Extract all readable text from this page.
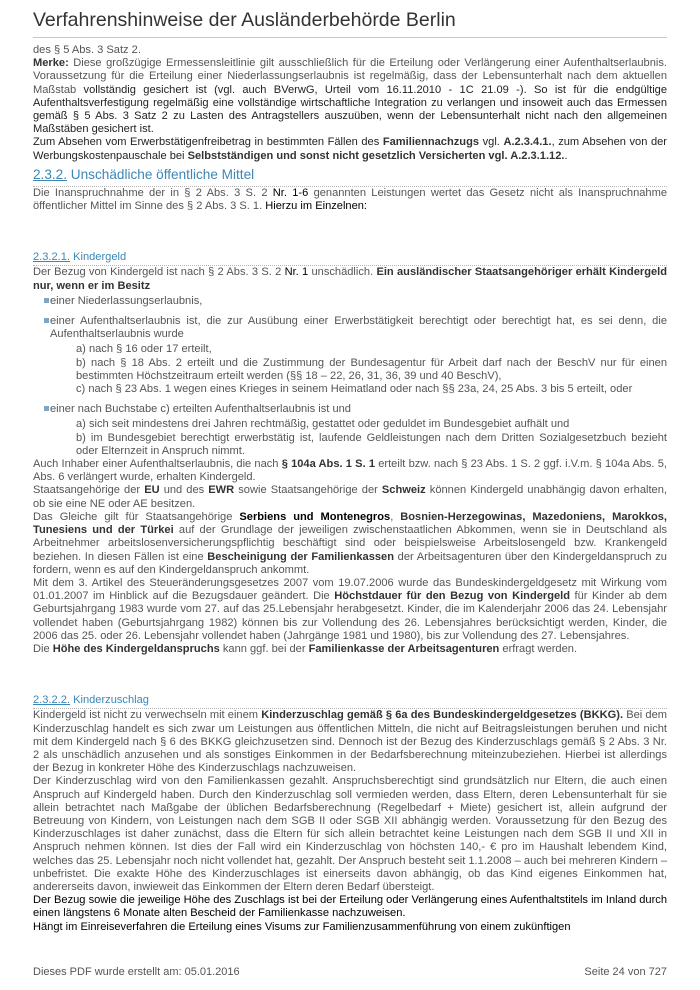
Verfahrenshinweise der Ausländerbehörde Berlin

des § 5 Abs. 3 Satz 2.

Merke: Diese großzügige Ermessensleitlinie gilt ausschließlich für die Erteilung oder Verlängerung einer Aufenthaltserlaubnis. Voraussetzung für die Erteilung einer Niederlassungserlaubnis ist regelmäßig, dass der Lebensunterhalt nach dem aktuellen Maßstab vollständig gesichert ist (vgl. auch BVerwG, Urteil vom 16.11.2010 - 1C 21.09 -). So ist für die endgültige Aufenthaltsverfestigung regelmäßig eine vollständige wirtschaftliche Integration zu verlangen und insoweit auch das Ermessen gemäß § 5 Abs. 3 Satz 2 zu Lasten des Antragstellers auszuüben, wenn der Lebensunterhalt nicht nach den allgemeinen Maßstäben gesichert ist.

Zum Absehen vom Erwerbstätigenfreibetrag in bestimmten Fällen des Familiennachzugs vgl. A.2.3.4.1., zum Absehen von der Werbungskostenpauschale bei Selbstständigen und sonst nicht gesetzlich Versicherten vgl. A.2.3.1.12..

2.3.2. Unschädliche öffentliche Mittel

Die Inanspruchnahme der in § 2 Abs. 3 S. 2 Nr. 1-6 genannten Leistungen wertet das Gesetz nicht als Inanspruchnahme öffentlicher Mittel im Sinne des § 2 Abs. 3 S. 1. Hierzu im Einzelnen:

2.3.2.1. Kindergeld

Der Bezug von Kindergeld ist nach § 2 Abs. 3 S. 2 Nr. 1 unschädlich. Ein ausländischer Staatsangehöriger erhält Kindergeld nur, wenn er im Besitz

einer Niederlassungserlaubnis,
einer Aufenthaltserlaubnis ist, die zur Ausübung einer Erwerbstätigkeit berechtigt oder berechtigt hat, es sei denn, die Aufenthaltserlaubnis wurde
a) nach § 16 oder 17 erteilt,
b) nach § 18 Abs. 2 erteilt und die Zustimmung der Bundesagentur für Arbeit darf nach der BeschV nur für einen bestimmten Höchstzeitraum erteilt werden (§§ 18 – 22, 26, 31, 36, 39 und 40 BeschV),
c) nach § 23 Abs. 1 wegen eines Krieges in seinem Heimatland oder nach §§ 23a, 24, 25 Abs. 3 bis 5 erteilt, oder
einer nach Buchstabe c) erteilten Aufenthaltserlaubnis ist und
a) sich seit mindestens drei Jahren rechtmäßig, gestattet oder geduldet im Bundesgebiet aufhält und
b) im Bundesgebiet berechtigt erwerbstätig ist, laufende Geldleistungen nach dem Dritten Sozialgesetzbuch bezieht oder Elternzeit in Anspruch nimmt.

Auch Inhaber einer Aufenthaltserlaubnis, die nach § 104a Abs. 1 S. 1 erteilt bzw. nach § 23 Abs. 1 S. 2 ggf. i.V.m. § 104a Abs. 5, Abs. 6 verlängert wurde, erhalten Kindergeld.

Staatsangehörige der EU und des EWR sowie Staatsangehörige der Schweiz können Kindergeld unabhängig davon erhalten, ob sie eine NE oder AE besitzen.

Das Gleiche gilt für Staatsangehörige Serbiens und Montenegros, Bosnien-Herzegowinas, Mazedoniens, Marokkos, Tunesiens und der Türkei auf der Grundlage der jeweiligen zwischenstaatlichen Abkommen, wenn sie in Deutschland als Arbeitnehmer arbeitslosenversicherungspflichtig beschäftigt sind oder beispielsweise Arbeitslosengeld bzw. Krankengeld beziehen. In diesen Fällen ist eine Bescheinigung der Familienkassen der Arbeitsagenturen über den Kindergeldanspruch zu fordern, wenn es auf den Kindergeldanspruch ankommt.

Mit dem 3. Artikel des Steueränderungsgesetzes 2007 vom 19.07.2006 wurde das Bundeskindergeldgesetz mit Wirkung vom 01.01.2007 im Hinblick auf die Bezugsdauer geändert. Die Höchstdauer für den Bezug von Kindergeld für Kinder ab dem Geburtsjahrgang 1983 wurde vom 27. auf das 25.Lebensjahr herabgesetzt. Kinder, die im Kalenderjahr 2006 das 24. Lebensjahr vollendet haben (Geburtsjahrgang 1982) können bis zur Vollendung des 26. Lebensjahres berücksichtigt werden, Kinder, die 2006 das 25. oder 26. Lebensjahr vollendet haben (Jahrgänge 1981 und 1980), bis zur Vollendung des 27. Lebensjahres.

Die Höhe des Kindergeldanspruchs kann ggf. bei der Familienkasse der Arbeitsagenturen erfragt werden.

2.3.2.2. Kinderzuschlag

Kindergeld ist nicht zu verwechseln mit einem Kinderzuschlag gemäß § 6a des Bundeskindergeldgesetzes (BKKG). Bei dem Kinderzuschlag handelt es sich zwar um Leistungen aus öffentlichen Mitteln, die nicht auf Beitragsleistungen beruhen und nicht mit dem Kindergeld nach § 6 des BKKG gleichzusetzen sind. Dennoch ist der Bezug des Kinderzuschlags gemäß § 2 Abs. 3 Nr. 2 als unschädlich anzusehen und als sonstiges Einkommen in der Bedarfsberechnung miteinzubeziehen. Hierbei ist allerdings der Bezug in konkreter Höhe des Kinderzuschlags nachzuweisen.

Der Kinderzuschlag wird von den Familienkassen gezahlt. Anspruchsberechtigt sind grundsätzlich nur Eltern, die auch einen Anspruch auf Kindergeld haben. Durch den Kinderzuschlag soll vermieden werden, dass Eltern, deren Lebensunterhalt für sie allein betrachtet nach Maßgabe der üblichen Bedarfsberechnung (Regelbedarf + Miete) gesichert ist, allein aufgrund der Betreuung von Kindern, von Leistungen nach dem SGB II oder SGB XII abhängig werden. Voraussetzung für den Bezug des Kinderzuschlages ist daher zunächst, dass die Eltern für sich allein betrachtet keine Leistungen nach dem SGB II und XII in Anspruch nehmen können. Ist dies der Fall wird ein Kinderzuschlag von höchsten 140,- € pro im Haushalt lebendem Kind, welches das 25. Lebensjahr noch nicht vollendet hat, gezahlt. Der Anspruch besteht seit 1.1.2008 – auch bei mehreren Kindern – unbefristet. Die exakte Höhe des Kinderzuschlages ist einerseits davon abhängig, ob das Kind eigenes Einkommen hat, andererseits davon, inwieweit das Einkommen der Eltern deren Bedarf übersteigt.

Der Bezug sowie die jeweilige Höhe des Zuschlags ist bei der Erteilung oder Verlängerung eines Aufenthaltstitels im Inland durch einen längstens 6 Monate alten Bescheid der Familienkasse nachzuweisen.

Hängt im Einreiseverfahren die Erteilung eines Visums zur Familienzusammenführung von einem zukünftigen

Dieses PDF wurde erstellt am: 05.01.2016	Seite 24 von 727
